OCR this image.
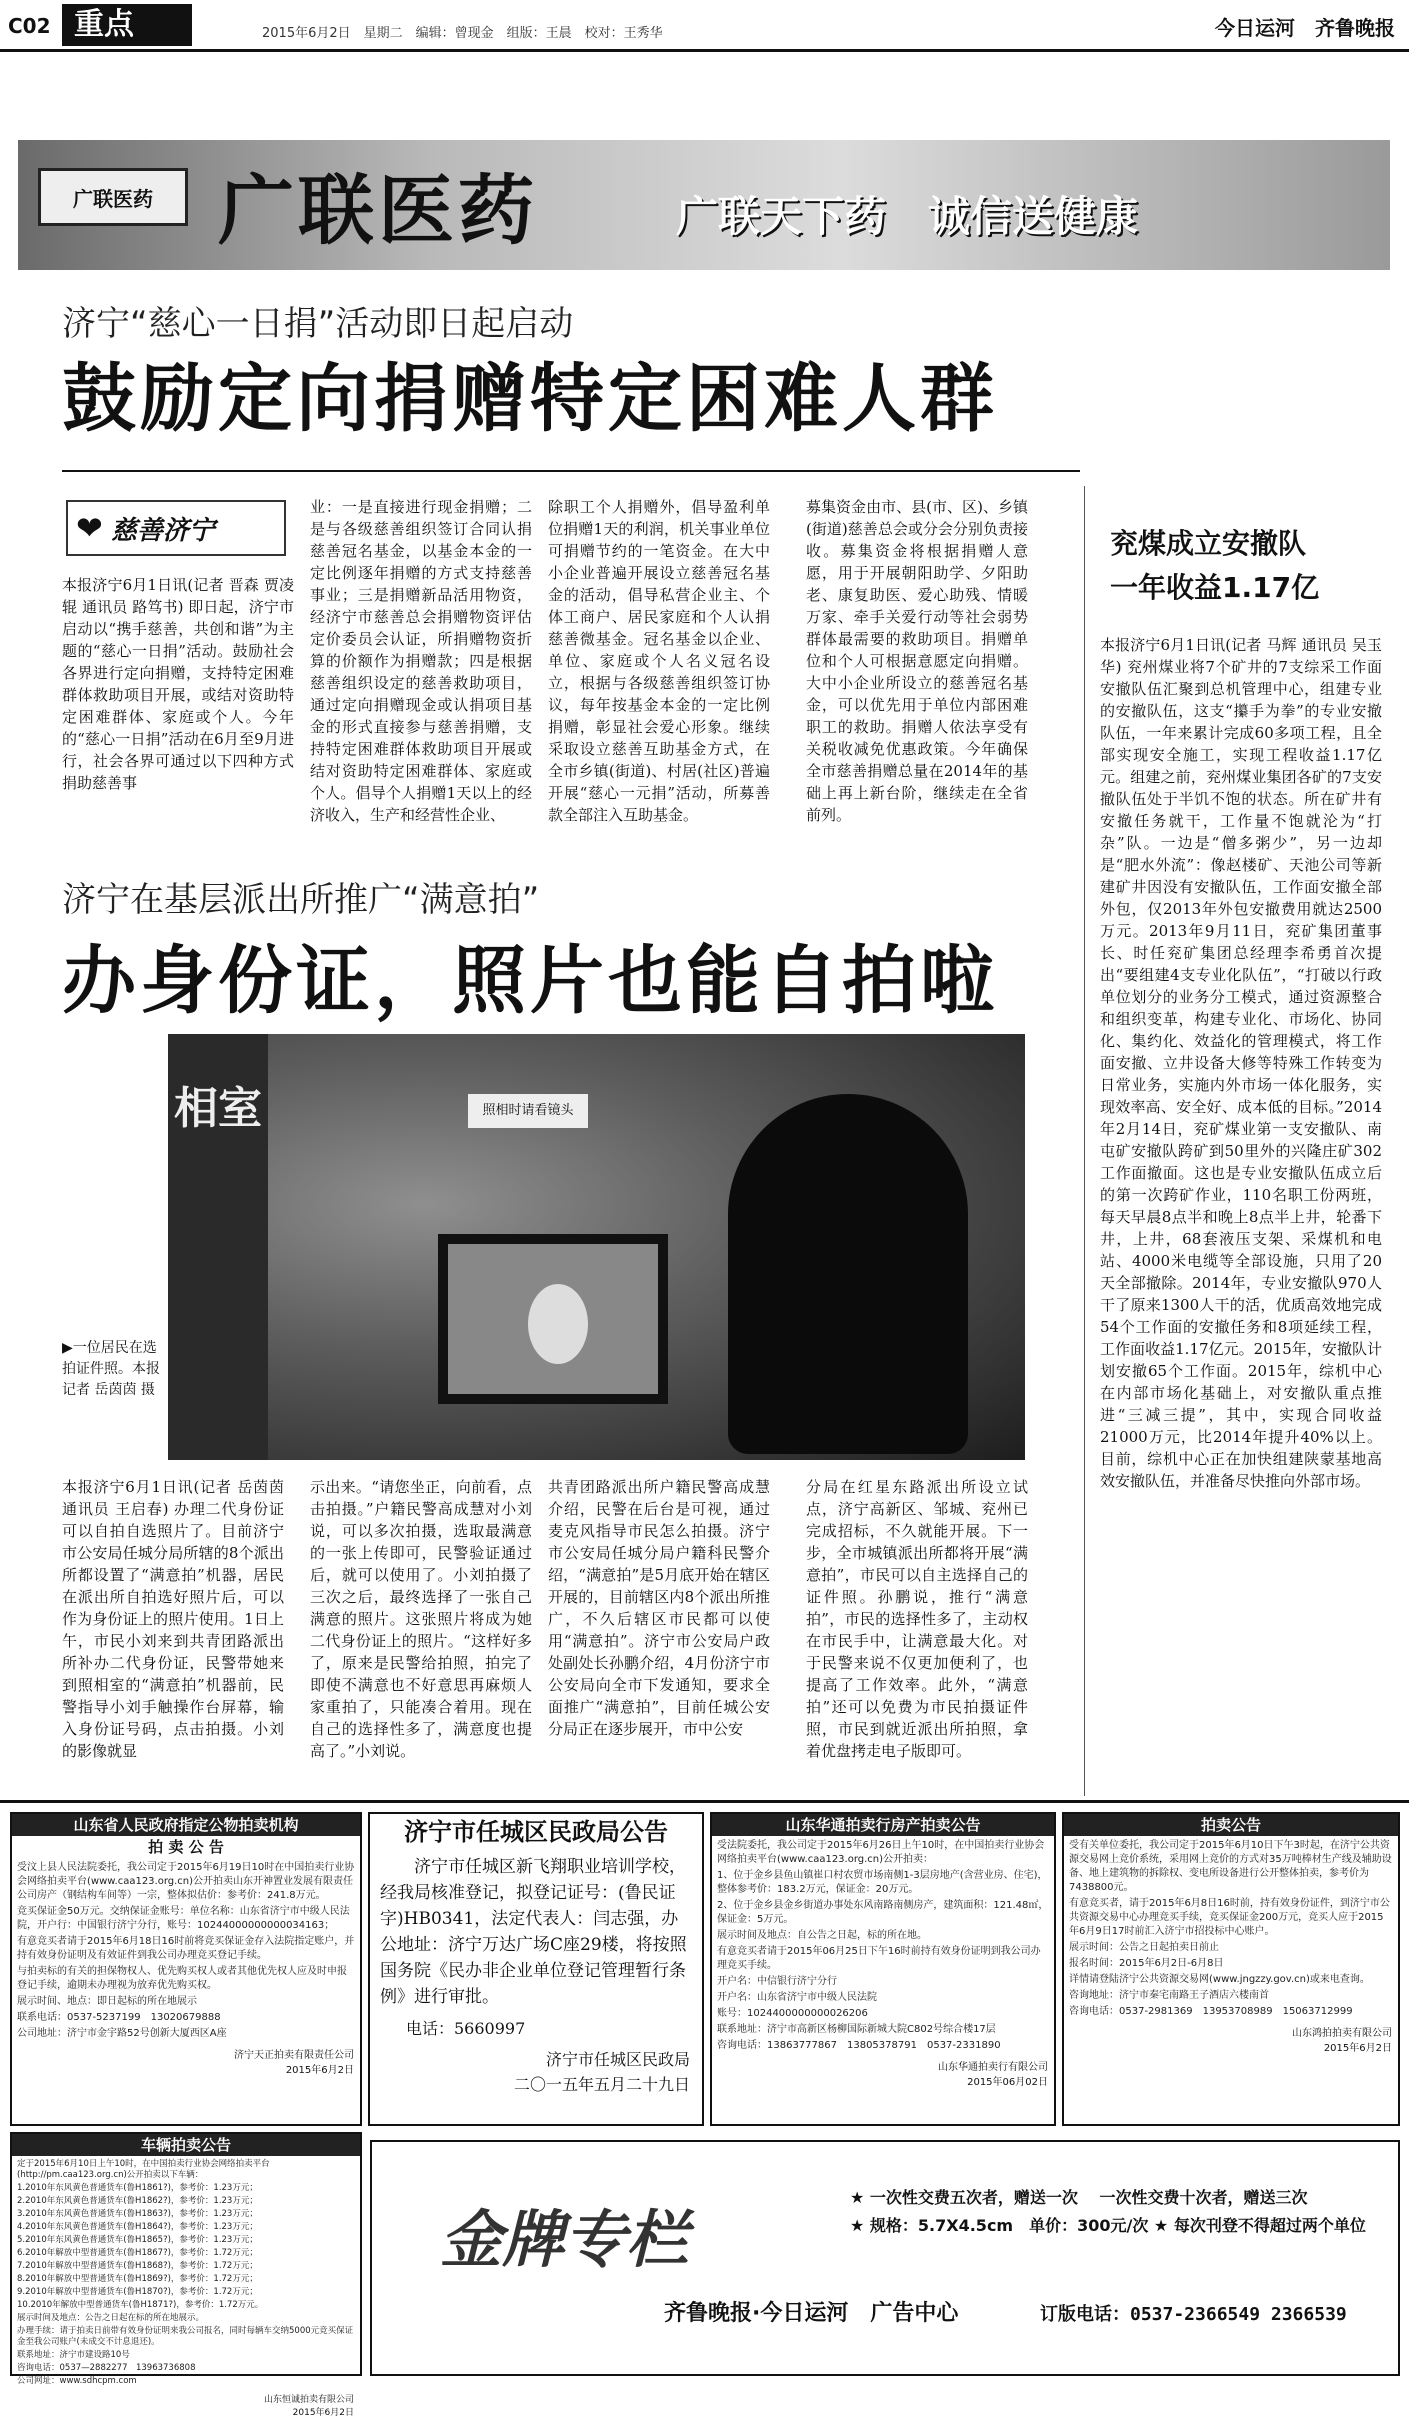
C02 重点	2015年6月2日　星期二　编辑：曾现金　组版：王晨　校对：王秀华	今日运河　齐鲁晚报
广联医药 广联医药	广联天下药　诚信送健康
济宁“慈心一日捐”活动即日起启动
鼓励定向捐赠特定困难人群
❤ 慈善济宁
本报济宁6月1日讯(记者 晋森 贾凌辊 通讯员 路笃书) 即日起，济宁市启动以“携手慈善，共创和谐”为主题的“慈心一日捐”活动。鼓励社会各界进行定向捐赠，支持特定困难群体救助项目开展，或结对资助特定困难群体、家庭或个人。今年的“慈心一日捐”活动在6月至9月进行，社会各界可通过以下四种方式捐助慈善事
业：一是直接进行现金捐赠；二是与各级慈善组织签订合同认捐慈善冠名基金，以基金本金的一定比例逐年捐赠的方式支持慈善事业；三是捐赠新品活用物资，经济宁市慈善总会捐赠物资评估定价委员会认证，所捐赠物资折算的价额作为捐赠款；四是根据慈善组织设定的慈善救助项目，通过定向捐赠现金或认捐项目基金的形式直接参与慈善捐赠，支持特定困难群体救助项目开展或结对资助特定困难群体、家庭或个人。倡导个人捐赠1天以上的经济收入，生产和经营性企业、
除职工个人捐赠外，倡导盈利单位捐赠1天的利润，机关事业单位可捐赠节约的一笔资金。在大中小企业普遍开展设立慈善冠名基金的活动，倡导私营企业主、个体工商户、居民家庭和个人认捐慈善微基金。冠名基金以企业、单位、家庭或个人名义冠名设立，根据与各级慈善组织签订协议，每年按基金本金的一定比例捐赠，彰显社会爱心形象。继续采取设立慈善互助基金方式，在全市乡镇(街道)、村居(社区)普遍开展“慈心一元捐”活动，所募善款全部注入互助基金。
募集资金由市、县(市、区)、乡镇(街道)慈善总会或分会分别负责接收。募集资金将根据捐赠人意愿，用于开展朝阳助学、夕阳助老、康复助医、爱心助残、情暖万家、牵手关爱行动等社会弱势群体最需要的救助项目。捐赠单位和个人可根据意愿定向捐赠。大中小企业所设立的慈善冠名基金，可以优先用于单位内部困难职工的救助。捐赠人依法享受有关税收减免优惠政策。今年确保全市慈善捐赠总量在2014年的基础上再上新台阶，继续走在全省前列。
兖煤成立安撤队
一年收益1.17亿
本报济宁6月1日讯(记者 马辉 通讯员 吴玉华) 兖州煤业将7个矿井的7支综采工作面安撤队伍汇聚到总机管理中心，组建专业的安撤队伍，这支“攥手为拳”的专业安撤队伍，一年来累计完成60多项工程，且全部实现安全施工，实现工程收益1.17亿元。组建之前，兖州煤业集团各矿的7支安撤队伍处于半饥不饱的状态。所在矿井有安撤任务就干，工作量不饱就沦为“打杂”队。一边是“僧多粥少”，另一边却是“肥水外流”：像赵楼矿、天池公司等新建矿井因没有安撤队伍，工作面安撤全部外包，仅2013年外包安撤费用就达2500万元。2013年9月11日，兖矿集团董事长、时任兖矿集团总经理李希勇首次提出“要组建4支专业化队伍”，“打破以行政单位划分的业务分工模式，通过资源整合和组织变革，构建专业化、市场化、协同化、集约化、效益化的管理模式，将工作面安撤、立井设备大修等特殊工作转变为日常业务，实施内外市场一体化服务，实现效率高、安全好、成本低的目标。”2014年2月14日，兖矿煤业第一支安撤队、南屯矿安撤队跨矿到50里外的兴隆庄矿302工作面撤面。这也是专业安撤队伍成立后的第一次跨矿作业，110名职工份两班，每天早晨8点半和晚上8点半上井，轮番下井，上井，68套液压支架、采煤机和电站、4000米电缆等全部设施，只用了20天全部撤除。2014年，专业安撤队970人干了原来1300人干的活，优质高效地完成54个工作面的安撤任务和8项延续工程，工作面收益1.17亿元。2015年，安撤队计划安撤65个工作面。2015年，综机中心在内部市场化基础上，对安撤队重点推进“三减三提”，其中，实现合同收益21000万元，比2014年提升40%以上。目前，综机中心正在加快组建陕蒙基地高效安撤队伍，并准备尽快推向外部市场。
济宁在基层派出所推广“满意拍”
办身份证，照片也能自拍啦
相室	照相时请看镜头
▶一位居民在选拍证件照。本报记者 岳茵茵 摄
本报济宁6月1日讯(记者 岳茵茵 通讯员 王启春) 办理二代身份证可以自拍自选照片了。目前济宁市公安局任城分局所辖的8个派出所都设置了“满意拍”机器，居民在派出所自拍选好照片后，可以作为身份证上的照片使用。1日上午，市民小刘来到共青团路派出所补办二代身份证，民警带她来到照相室的“满意拍”机器前，民警指导小刘手触操作台屏幕，输入身份证号码，点击拍摄。小刘的影像就显
示出来。“请您坐正，向前看，点击拍摄。”户籍民警高成慧对小刘说，可以多次拍摄，选取最满意的一张上传即可，民警验证通过后，就可以使用了。小刘拍摄了三次之后，最终选择了一张自己满意的照片。这张照片将成为她二代身份证上的照片。“这样好多了，原来是民警给拍照，拍完了即使不满意也不好意思再麻烦人家重拍了，只能凑合着用。现在自己的选择性多了，满意度也提高了。”小刘说。
共青团路派出所户籍民警高成慧介绍，民警在后台是可视，通过麦克风指导市民怎么拍摄。济宁市公安局任城分局户籍科民警介绍，“满意拍”是5月底开始在辖区开展的，目前辖区内8个派出所推广，不久后辖区市民都可以使用“满意拍”。济宁市公安局户政处副处长孙鹏介绍，4月份济宁市公安局向全市下发通知，要求全面推广“满意拍”，目前任城公安分局正在逐步展开，市中公安
分局在红星东路派出所设立试点，济宁高新区、邹城、兖州已完成招标，不久就能开展。下一步，全市城镇派出所都将开展“满意拍”，市民可以自主选择自己的证件照。孙鹏说，推行“满意拍”，市民的选择性多了，主动权在市民手中，让满意最大化。对于民警来说不仅更加便利了，也提高了工作效率。此外，“满意拍”还可以免费为市民拍摄证件照，市民到就近派出所拍照，拿着优盘拷走电子版即可。
山东省人民政府指定公物拍卖机构
拍 卖 公 告

受汶上县人民法院委托，我公司定于2015年6月19日10时在中国拍卖行业协会网络拍卖平台(www.caa123.org.cn)公开拍卖山东开神置业发展有限责任公司房产（钢结构车间等）一宗，整体拟估价：参考价：241.8万元。

竞买保证金50万元。交纳保证金账号：单位名称：山东省济宁市中级人民法院，开户行：中国银行济宁分行，账号：10244000000000034163；

有意竞买者请于2015年6月18日16时前将竞买保证金存入法院指定账户，并持有效身份证明及有效证件到我公司办理竞买登记手续。

与拍卖标的有关的担保物权人、优先购买权人或者其他优先权人应及时申报登记手续，逾期未办理视为放弃优先购买权。

展示时间、地点：即日起标的所在地展示

联系电话：0537-5237199　13020679888

公司地址：济宁市金宇路52号创新大厦西区A座

济宁天正拍卖有限责任公司
2015年6月2日
济宁市任城区民政局公告
济宁市任城区新飞翔职业培训学校，经我局核准登记，拟登记证号：(鲁民证字)HB0341，法定代表人：闫志强，办公地址：济宁万达广场C座29楼，将按照国务院《民办非企业单位登记管理暂行条例》进行审批。
电话：5660997
济宁市任城区民政局
二〇一五年五月二十九日
山东华通拍卖行房产拍卖公告

受法院委托，我公司定于2015年6月26日上午10时，在中国拍卖行业协会网络拍卖平台(www.caa123.org.cn)公开拍卖：

1、位于金乡县鱼山镇崔口村农贸市场南侧1-3层房地产(含营业房、住宅)，整体参考价：183.2万元，保证金：20万元。

2、位于金乡县金乡街道办事处东风南路南侧房产，建筑面积：121.48㎡，保证金：5万元。

展示时间及地点：自公告之日起，标的所在地。

有意竞买者请于2015年06月25日下午16时前持有效身份证明到我公司办理竞买手续。

开户名：中信银行济宁分行

开户名：山东省济宁市中级人民法院

账号：1024400000000026206

联系地址：济宁市高新区杨柳国际新城大院C802号综合楼17层

咨询电话：13863777867　13805378791　0537-2331890

山东华通拍卖行有限公司
2015年06月02日
拍卖公告

受有关单位委托，我公司定于2015年6月10日下午3时起，在济宁公共资源交易网上竞价系统，采用网上竞价的方式对35万吨棒材生产线及辅助设备、地上建筑物的拆除权、变电所设备进行公开整体拍卖，参考价为7438800元。

有意竞买者，请于2015年6月8日16时前，持有效身份证件，到济宁市公共资源交易中心办理竞买手续，竞买保证金200万元，竞买人应于2015年6月9日17时前汇入济宁市招投标中心账户。

展示时间：公告之日起拍卖日前止

报名时间：2015年6月2日-6月8日

详情请登陆济宁公共资源交易网(www.jngzzy.gov.cn)或来电查询。

咨询地址：济宁市秦宅南路王子酒店六楼南首

咨询电话：0537-2981369　13953708989　15063712999

山东鸿拍拍卖有限公司
2015年6月2日
车辆拍卖公告

定于2015年6月10日上午10时，在中国拍卖行业协会网络拍卖平台(http://pm.caa123.org.cn)公开拍卖以下车辆：

1.2010年东风黄色普通货车(鲁H1861?)，参考价：1.23万元；

2.2010年东风黄色普通货车(鲁H1862?)，参考价：1.23万元；

3.2010年东风黄色普通货车(鲁H1863?)，参考价：1.23万元；

4.2010年东风黄色普通货车(鲁H1864?)，参考价：1.23万元；

5.2010年东风黄色普通货车(鲁H1865?)，参考价：1.23万元；

6.2010年解放中型普通货车(鲁H1867?)，参考价：1.72万元；

7.2010年解放中型普通货车(鲁H1868?)，参考价：1.72万元；

8.2010年解放中型普通货车(鲁H1869?)，参考价：1.72万元；

9.2010年解放中型普通货车(鲁H1870?)，参考价：1.72万元；

10.2010年解放中型普通货车(鲁H1871?)，参考价：1.72万元。

展示时间及地点：公告之日起在标的所在地展示。

办理手续：请于拍卖日前带有效身份证明来我公司报名，同时每辆车交纳5000元竞买保证金至我公司账户(未成交不计息退还)。

联系地址：济宁市建设路10号

咨询电话：0537—2882277　13963736808

公司网址：www.sdhcpm.com

山东恒诚拍卖有限公司
2015年6月2日
金牌专栏
★ 一次性交费五次者，赠送一次　 一次性交费十次者，赠送三次
★ 规格：5.7X4.5cm　单价：300元/次 ★ 每次刊登不得超过两个单位
齐鲁晚报·今日运河　广告中心	订版电话：0537-2366549 2366539
